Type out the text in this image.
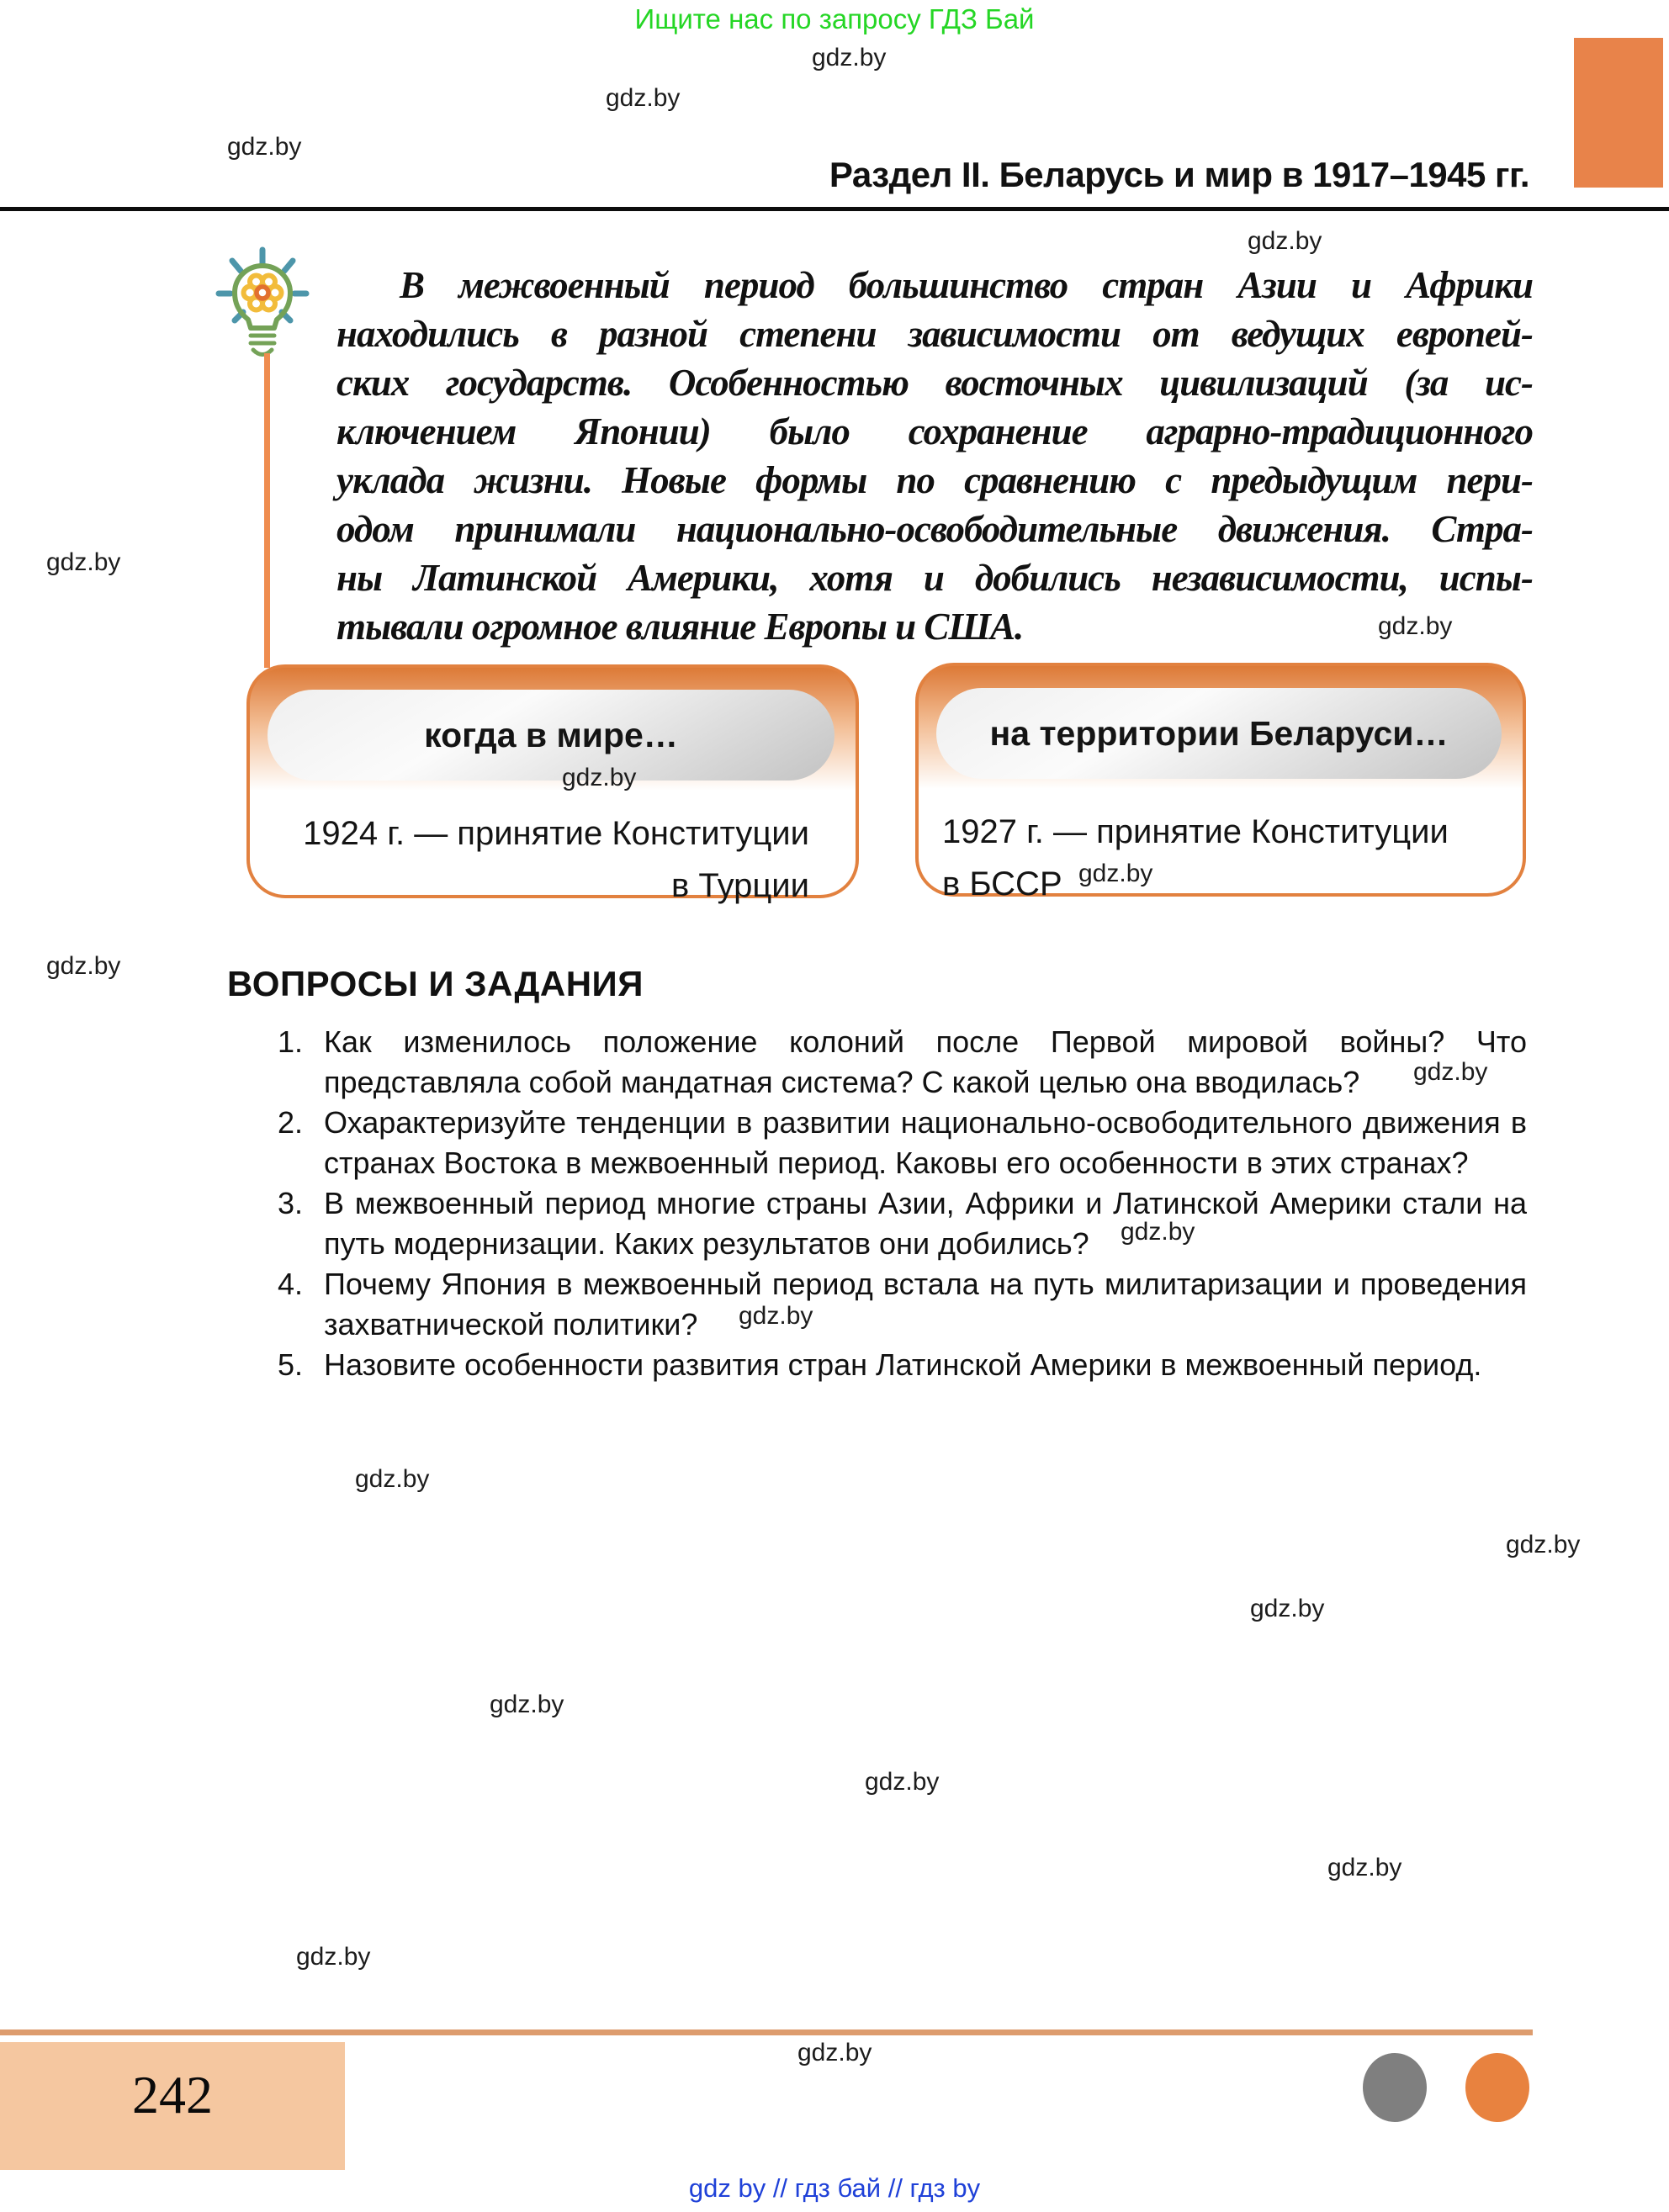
Ищите нас по запросу ГДЗ Бай
Раздел II. Беларусь и мир в 1917–1945 гг.
В межвоенный период большинство стран Азии и Африки
находились в разной степени зависимости от ведущих европей-
ских государств. Особенностью восточных цивилизаций (за ис-
ключением Японии) было сохранение аграрно-традиционного
уклада жизни. Новые формы по сравнению с предыдущим пери-
одом принимали национально-освободительные движения. Стра-
ны Латинской Америки, хотя и добились независимости, испы-
тывали огромное влияние Европы и США.
когда в мире…
1924 г. — принятие Конституции
в Турции
на территории Беларуси…
1927 г. — принятие Конституции
в БССР
ВОПРОСЫ И ЗАДАНИЯ
1. Как изменилось положение колоний после Первой мировой войны? Что представляла собой мандатная система? С какой целью она вводилась?
2. Охарактеризуйте тенденции в развитии национально-освободительного движения в странах Востока в межвоенный период. Каковы его особенности в этих странах?
3. В межвоенный период многие страны Азии, Африки и Латинской Америки стали на путь модернизации. Каких результатов они добились?
4. Почему Япония в межвоенный период встала на путь милитаризации и проведения захватнической политики?
5. Назовите особенности развития стран Латинской Америки в межвоенный период.
242
gdz by // гдз бай // гдз by
gdz.by
gdz.by
gdz.by
gdz.by
gdz.by
gdz.by
gdz.by
gdz.by
gdz.by
gdz.by
gdz.by
gdz.by
gdz.by
gdz.by
gdz.by
gdz.by
gdz.by
gdz.by
gdz.by
gdz.by
